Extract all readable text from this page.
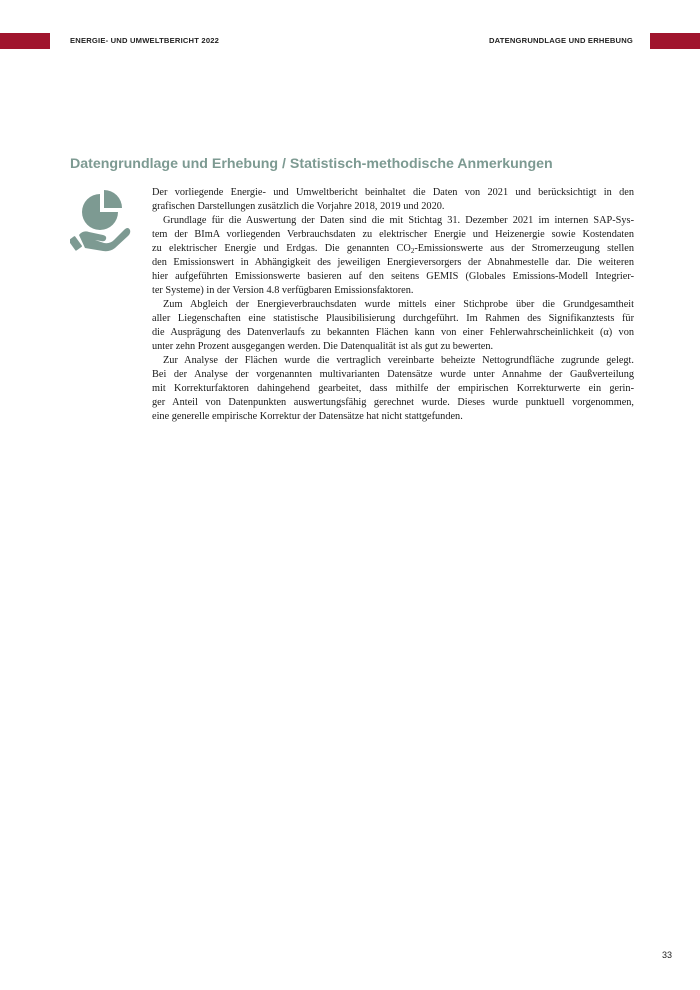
ENERGIE- UND UMWELTBERICHT 2022	DATENGRUNDLAGE UND ERHEBUNG
Datengrundlage und Erhebung / Statistisch-methodische Anmerkungen
Der vorliegende Energie- und Umweltbericht beinhaltet die Daten von 2021 und berücksichtigt in den
grafischen Darstellungen zusätzlich die Vorjahre 2018, 2019 und 2020.
Grundlage für die Auswertung der Daten sind die mit Stichtag 31. Dezember 2021 im internen SAP-Sys-
tem der BImA vorliegenden Verbrauchsdaten zu elektrischer Energie und Heizenergie sowie Kostendaten
zu elektrischer Energie und Erdgas. Die genannten $CO_2$-Emissionswerte aus der Stromerzeugung stellen
den Emissionswert in Abhängigkeit des jeweiligen Energieversorgers der Abnahmestelle dar. Die weiteren
hier aufgeführten Emissionswerte basieren auf den seitens GEMIS (Globales Emissions-Modell Integrier-
ter Systeme) in der Version 4.8 verfügbaren Emissionsfaktoren.
Zum Abgleich der Energieverbrauchsdaten wurde mittels einer Stichprobe über die Grundgesamtheit
aller Liegenschaften eine statistische Plausibilisierung durchgeführt. Im Rahmen des Signifikanztests für
die Ausprägung des Datenverlaufs zu bekannten Flächen kann von einer Fehlerwahrscheinlichkeit (α) von
unter zehn Prozent ausgegangen werden. Die Datenqualität ist als gut zu bewerten.
Zur Analyse der Flächen wurde die vertraglich vereinbarte beheizte Nettogrundfläche zugrunde gelegt.
Bei der Analyse der vorgenannten multivarianten Datensätze wurde unter Annahme der Gaußverteilung
mit Korrekturfaktoren dahingehend gearbeitet, dass mithilfe der empirischen Korrekturwerte ein gerin-
ger Anteil von Datenpunkten auswertungsfähig gerechnet wurde. Dieses wurde punktuell vorgenommen,
eine generelle empirische Korrektur der Datensätze hat nicht stattgefunden.
33
